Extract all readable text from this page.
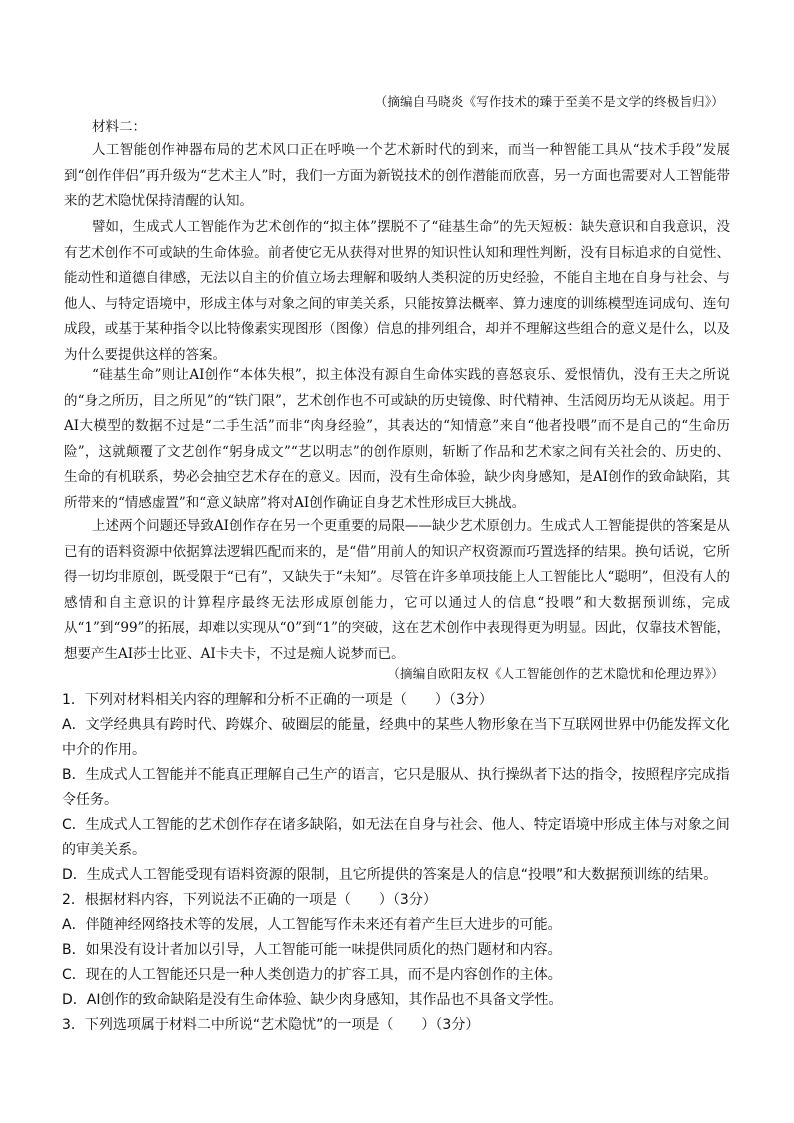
（摘编自马晓炎《写作技术的臻于至美不是文学的终极旨归》）
材料二：

人工智能创作神器布局的艺术风口正在呼唤一个艺术新时代的到来，而当一种智能工具从“技术手段”发展到“创作伴侣”再升级为“艺术主人”时，我们一方面为新锐技术的创作潜能而欣喜，另一方面也需要对人工智能带来的艺术隐忧保持清醒的认知。

譬如，生成式人工智能作为艺术创作的“拟主体”摆脱不了“硅基生命”的先天短板：缺失意识和自我意识，没有艺术创作不可或缺的生命体验。前者使它无从获得对世界的知识性认知和理性判断，没有目标追求的自觉性、能动性和道德自律感，无法以自主的价值立场去理解和吸纳人类积淀的历史经验，不能自主地在自身与社会、与他人、与特定语境中，形成主体与对象之间的审美关系，只能按算法概率、算力速度的训练模型连词成句、连句成段，或基于某种指令以比特像素实现图形（图像）信息的排列组合，却并不理解这些组合的意义是什么，以及为什么要提供这样的答案。

“硅基生命”则让AI创作“本体失根”，拟主体没有源自生命体实践的喜怒哀乐、爱恨情仇，没有王夫之所说的“身之所历，目之所见”的“铁门限”，艺术创作也不可或缺的历史镜像、时代精神、生活阅历均无从谈起。用于AI大模型的数据不过是“二手生活”而非“肉身经验”，其表达的“知情意”来自“他者投喂”而不是自己的“生命历险”，这就颠覆了文艺创作“躬身成文”“艺以明志”的创作原则，斩断了作品和艺术家之间有关社会的、历史的、生命的有机联系，势必会抽空艺术存在的意义。因而，没有生命体验，缺少肉身感知，是AI创作的致命缺陷，其所带来的“情感虚置”和“意义缺席”将对AI创作确证自身艺术性形成巨大挑战。

上述两个问题还导致AI创作存在另一个更重要的局限——缺少艺术原创力。生成式人工智能提供的答案是从已有的语料资源中依据算法逻辑匹配而来的，是“借”用前人的知识产权资源而巧置选择的结果。换句话说，它所得一切均非原创，既受限于“已有”，又缺失于“未知”。尽管在许多单项技能上人工智能比人“聪明”，但没有人的感情和自主意识的计算程序最终无法形成原创能力，它可以通过人的信息“投喂”和大数据预训练，完成从“1”到“99”的拓展，却难以实现从“0”到“1”的突破，这在艺术创作中表现得更为明显。因此，仅靠技术智能，想要产生AI莎士比亚、AI卡夫卡，不过是痴人说梦而已。

（摘编自欧阳友权《人工智能创作的艺术隐忧和伦理边界》）

1．下列对材料相关内容的理解和分析不正确的一项是（　　）（3分）

A．文学经典具有跨时代、跨媒介、破圈层的能量，经典中的某些人物形象在当下互联网世界中仍能发挥文化中介的作用。

B．生成式人工智能并不能真正理解自己生产的语言，它只是服从、执行操纵者下达的指令，按照程序完成指令任务。

C．生成式人工智能的艺术创作存在诸多缺陷，如无法在自身与社会、他人、特定语境中形成主体与对象之间的审美关系。

D．生成式人工智能受现有语料资源的限制，且它所提供的答案是人的信息“投喂”和大数据预训练的结果。

2．根据材料内容，下列说法不正确的一项是（　　）（3分）

A．伴随神经网络技术等的发展，人工智能写作未来还有着产生巨大进步的可能。

B．如果没有设计者加以引导，人工智能可能一味提供同质化的热门题材和内容。

C．现在的人工智能还只是一种人类创造力的扩容工具，而不是内容创作的主体。

D．AI创作的致命缺陷是没有生命体验、缺少肉身感知，其作品也不具备文学性。

3．下列选项属于材料二中所说“艺术隐忧”的一项是（　　）（3分）
